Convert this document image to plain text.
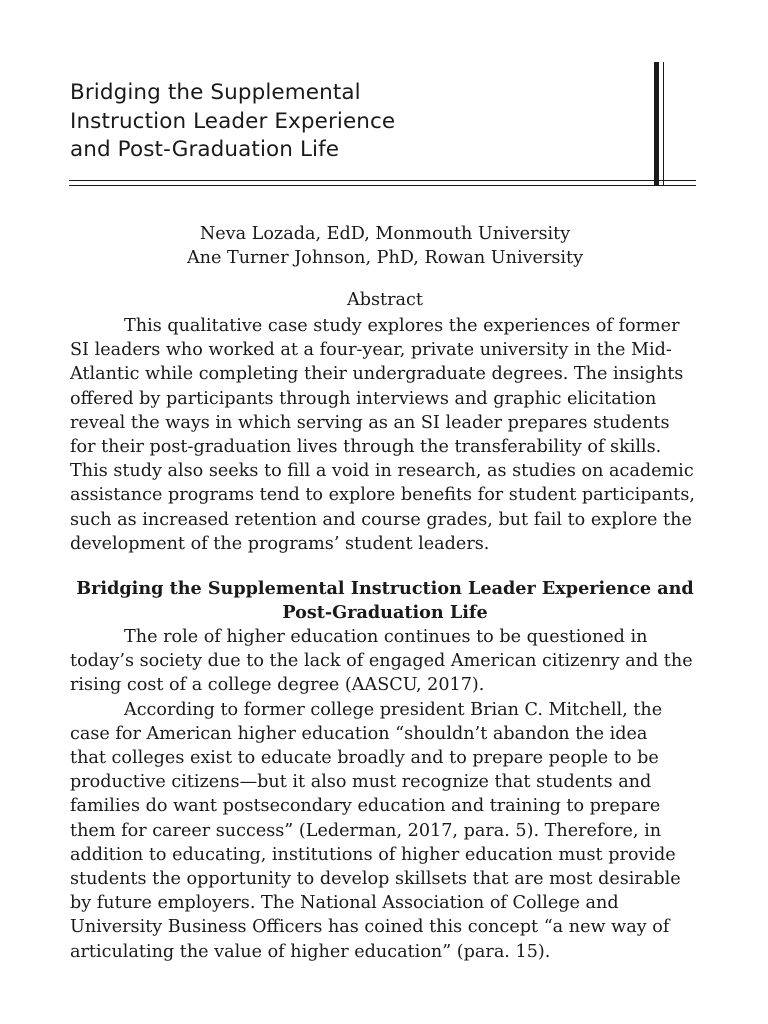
Bridging the Supplemental
Instruction Leader Experience
and Post-Graduation Life
Neva Lozada, EdD, Monmouth University
Ane Turner Johnson, PhD, Rowan University
Abstract
This qualitative case study explores the experiences of former
SI leaders who worked at a four-year, private university in the Mid-
Atlantic while completing their undergraduate degrees. The insights
offered by participants through interviews and graphic elicitation
reveal the ways in which serving as an SI leader prepares students
for their post-graduation lives through the transferability of skills.
This study also seeks to fill a void in research, as studies on academic
assistance programs tend to explore benefits for student participants,
such as increased retention and course grades, but fail to explore the
development of the programs’ student leaders.
Bridging the Supplemental Instruction Leader Experience and
Post-Graduation Life
The role of higher education continues to be questioned in
today’s society due to the lack of engaged American citizenry and the
rising cost of a college degree (AASCU, 2017).
According to former college president Brian C. Mitchell, the
case for American higher education “shouldn’t abandon the idea
that colleges exist to educate broadly and to prepare people to be
productive citizens—but it also must recognize that students and
families do want postsecondary education and training to prepare
them for career success” (Lederman, 2017, para. 5). Therefore, in
addition to educating, institutions of higher education must provide
students the opportunity to develop skillsets that are most desirable
by future employers. The National Association of College and
University Business Officers has coined this concept “a new way of
articulating the value of higher education” (para. 15).
